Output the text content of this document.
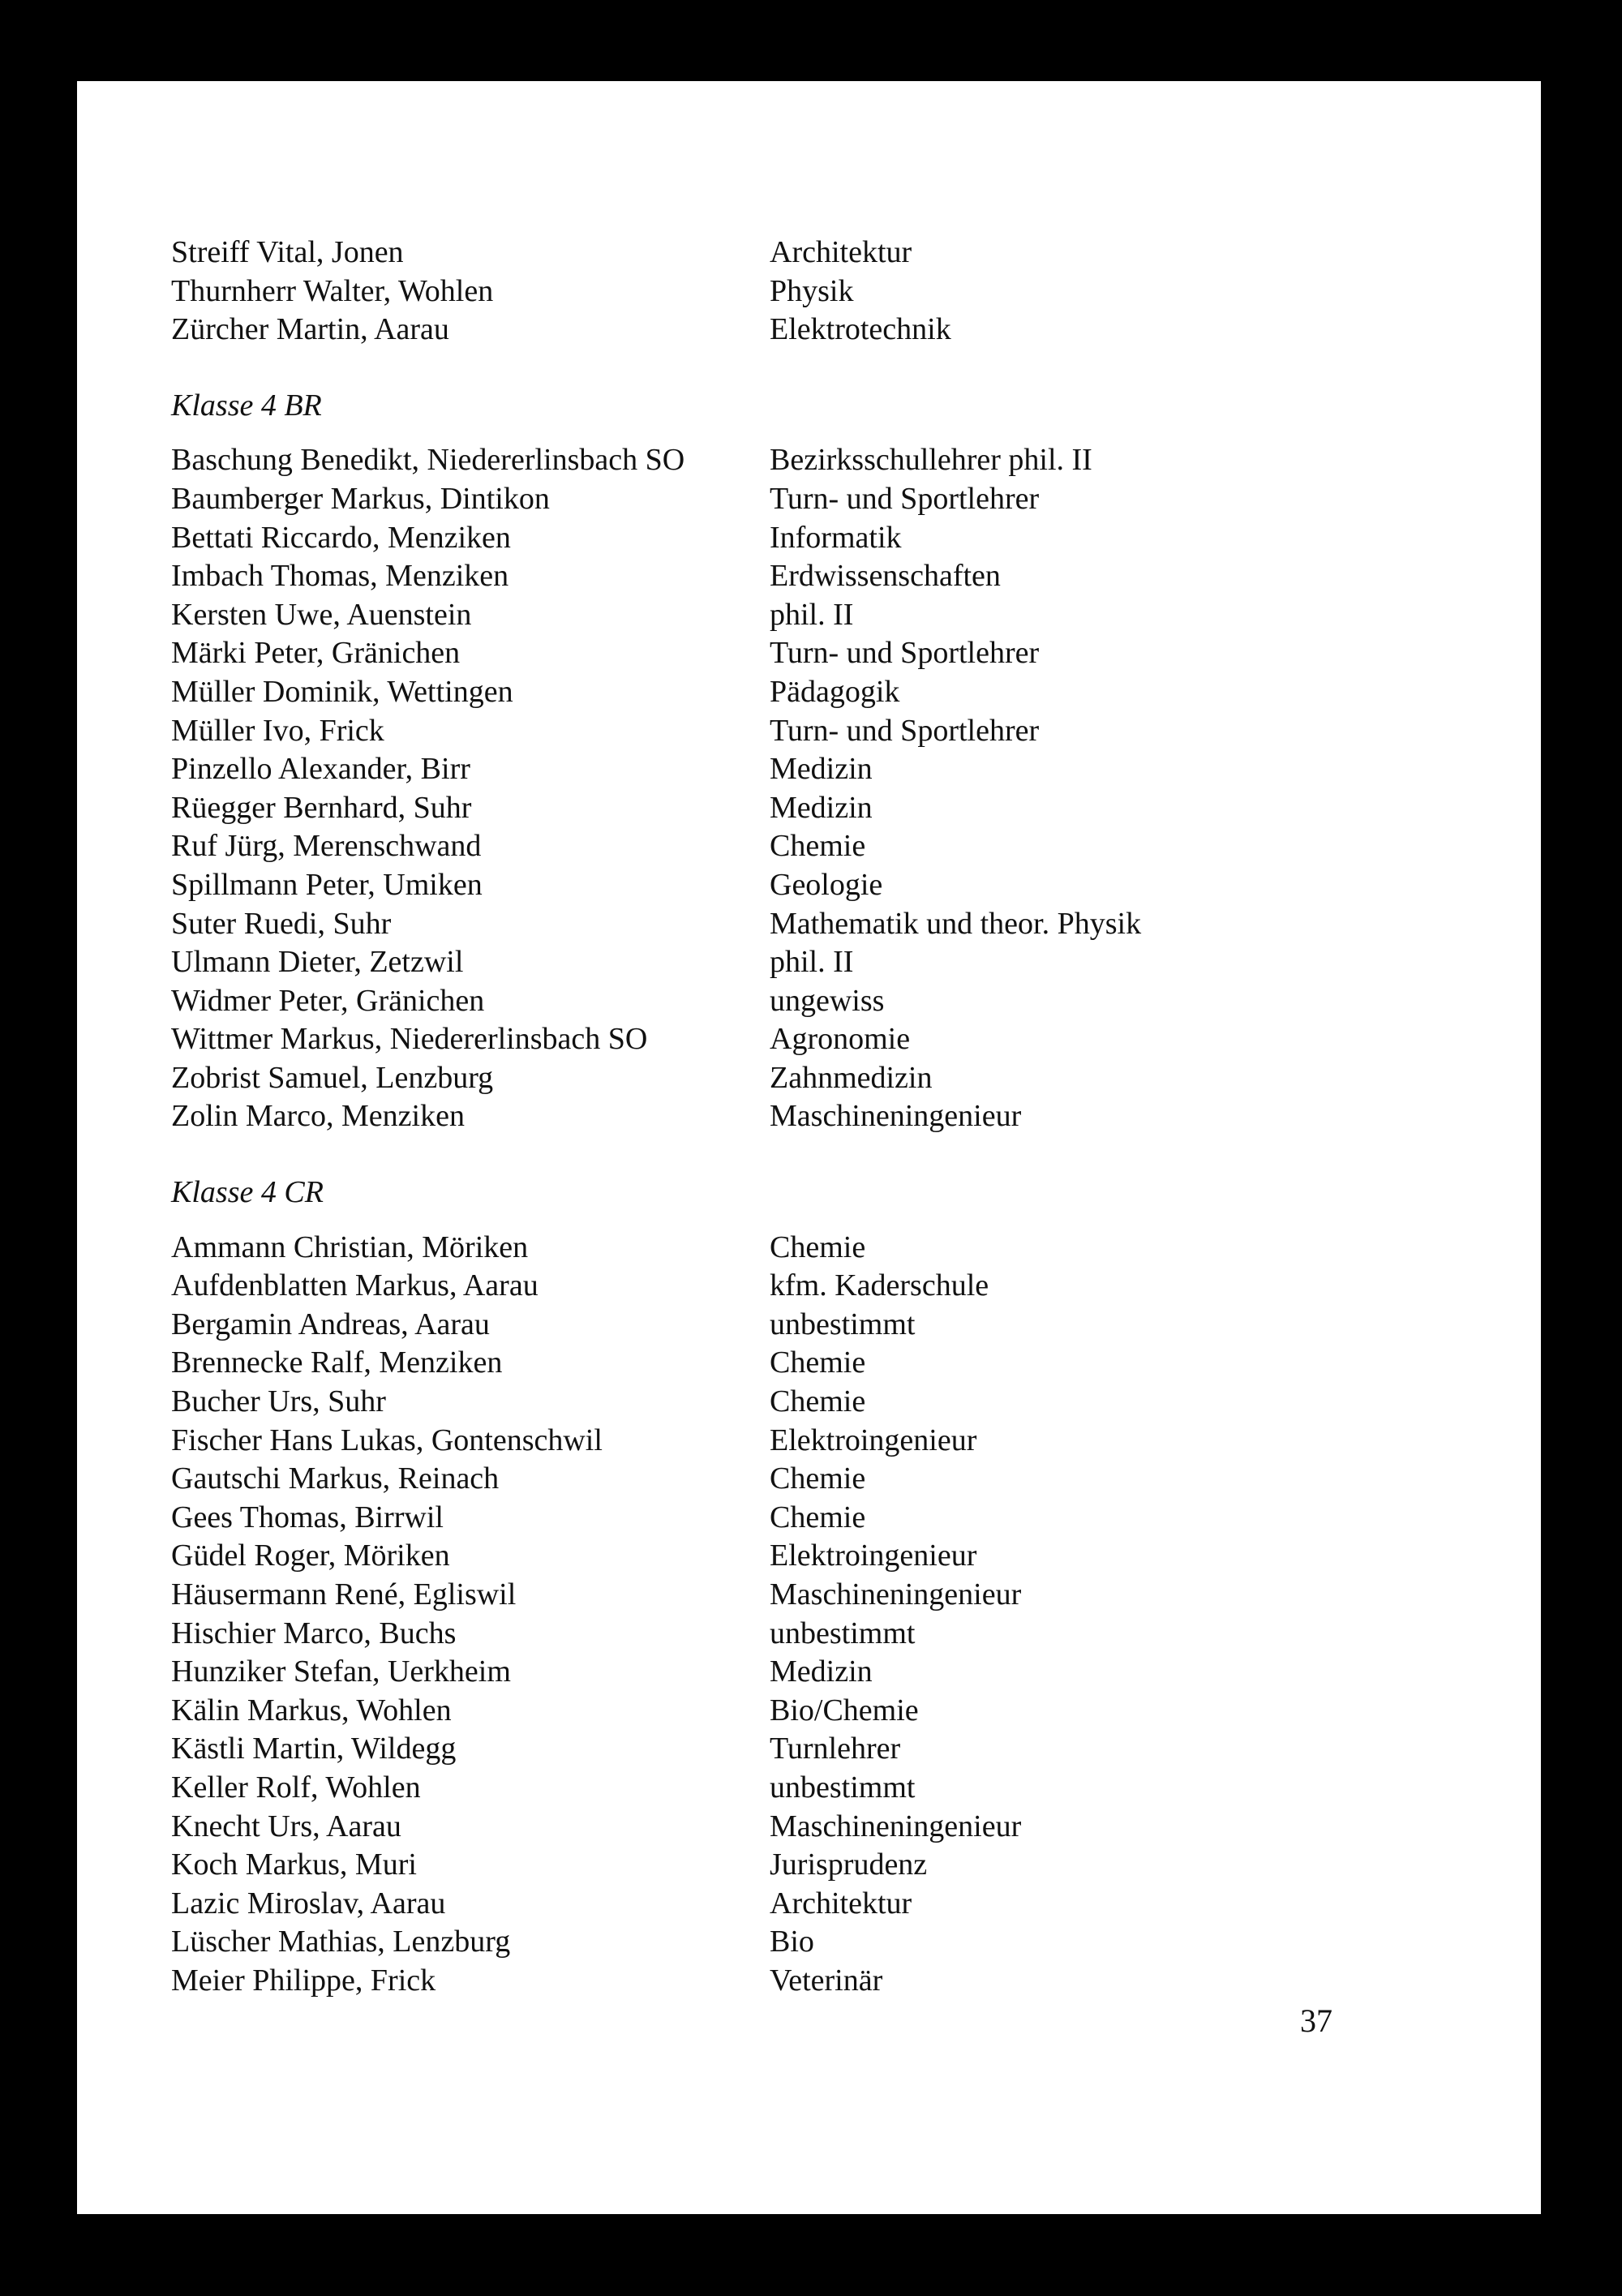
Streiff Vital, Jonen	Architektur
Thurnherr Walter, Wohlen	Physik
Zürcher Martin, Aarau	Elektrotechnik
Klasse 4 BR
Baschung Benedikt, Niedererlinsbach SO	Bezirksschullehrer phil. II
Baumberger Markus, Dintikon	Turn- und Sportlehrer
Bettati Riccardo, Menziken	Informatik
Imbach Thomas, Menziken	Erdwissenschaften
Kersten Uwe, Auenstein	phil. II
Märki Peter, Gränichen	Turn- und Sportlehrer
Müller Dominik, Wettingen	Pädagogik
Müller Ivo, Frick	Turn- und Sportlehrer
Pinzello Alexander, Birr	Medizin
Rüegger Bernhard, Suhr	Medizin
Ruf Jürg, Merenschwand	Chemie
Spillmann Peter, Umiken	Geologie
Suter Ruedi, Suhr	Mathematik und theor. Physik
Ulmann Dieter, Zetzwil	phil. II
Widmer Peter, Gränichen	ungewiss
Wittmer Markus, Niedererlinsbach SO	Agronomie
Zobrist Samuel, Lenzburg	Zahnmedizin
Zolin Marco, Menziken	Maschineningenieur
Klasse 4 CR
Ammann Christian, Möriken	Chemie
Aufdenblatten Markus, Aarau	kfm. Kaderschule
Bergamin Andreas, Aarau	unbestimmt
Brennecke Ralf, Menziken	Chemie
Bucher Urs, Suhr	Chemie
Fischer Hans Lukas, Gontenschwil	Elektroingenieur
Gautschi Markus, Reinach	Chemie
Gees Thomas, Birrwil	Chemie
Güdel Roger, Möriken	Elektroingenieur
Häusermann René, Egliswil	Maschineningenieur
Hischier Marco, Buchs	unbestimmt
Hunziker Stefan, Uerkheim	Medizin
Kälin Markus, Wohlen	Bio/Chemie
Kästli Martin, Wildegg	Turnlehrer
Keller Rolf, Wohlen	unbestimmt
Knecht Urs, Aarau	Maschineningenieur
Koch Markus, Muri	Jurisprudenz
Lazic Miroslav, Aarau	Architektur
Lüscher Mathias, Lenzburg	Bio
Meier Philippe, Frick	Veterinär
37
